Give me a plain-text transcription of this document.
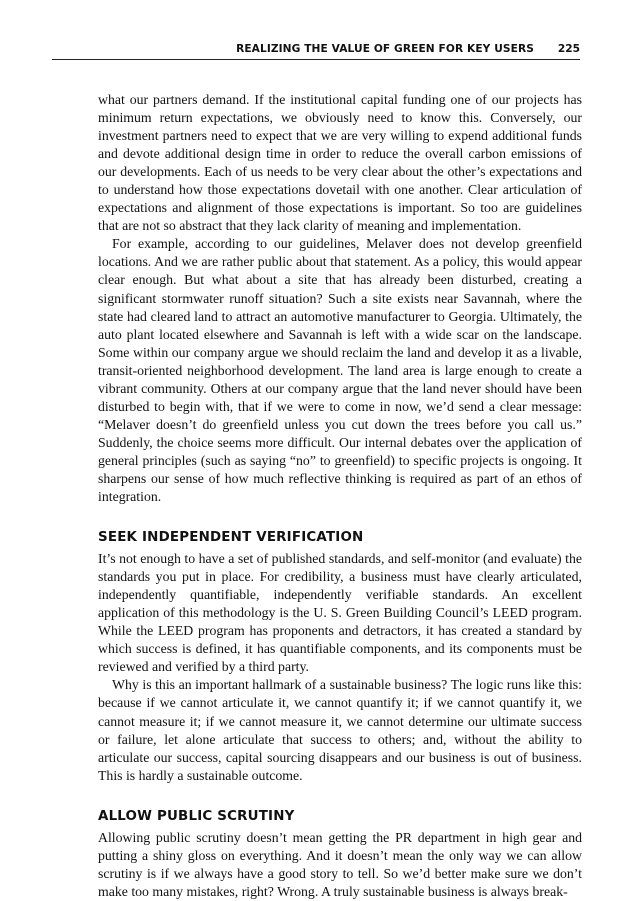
REALIZING THE VALUE OF GREEN FOR KEY USERS 225

what our partners demand. If the institutional capital funding one of our projects has minimum return expectations, we obviously need to know this. Conversely, our investment partners need to expect that we are very willing to expend additional funds and devote additional design time in order to reduce the overall carbon emissions of our developments. Each of us needs to be very clear about the other’s expectations and to understand how those expectations dovetail with one another. Clear articulation of expectations and alignment of those expectations is important. So too are guidelines that are not so abstract that they lack clarity of meaning and implementation.

For example, according to our guidelines, Melaver does not develop greenfield locations. And we are rather public about that statement. As a policy, this would appear clear enough. But what about a site that has already been disturbed, creating a significant stormwater runoff situation? Such a site exists near Savannah, where the state had cleared land to attract an automotive manufacturer to Georgia. Ultimately, the auto plant located elsewhere and Savannah is left with a wide scar on the landscape. Some within our company argue we should reclaim the land and develop it as a livable, transit-oriented neighborhood development. The land area is large enough to create a vibrant community. Others at our company argue that the land never should have been disturbed to begin with, that if we were to come in now, we’d send a clear message: “Melaver doesn’t do greenfield unless you cut down the trees before you call us.” Suddenly, the choice seems more difficult. Our internal debates over the application of general principles (such as saying “no” to greenfield) to specific projects is ongoing. It sharpens our sense of how much reflective thinking is required as part of an ethos of integration.

SEEK INDEPENDENT VERIFICATION

It’s not enough to have a set of published standards, and self-monitor (and evaluate) the standards you put in place. For credibility, a business must have clearly articulated, independently quantifiable, independently verifiable standards. An excellent application of this methodology is the U. S. Green Building Council’s LEED program. While the LEED program has proponents and detractors, it has created a standard by which success is defined, it has quantifiable components, and its components must be reviewed and verified by a third party.

Why is this an important hallmark of a sustainable business? The logic runs like this: because if we cannot articulate it, we cannot quantify it; if we cannot quantify it, we cannot measure it; if we cannot measure it, we cannot determine our ultimate success or failure, let alone articulate that success to others; and, without the ability to articulate our success, capital sourcing disappears and our business is out of business. This is hardly a sustainable outcome.

ALLOW PUBLIC SCRUTINY

Allowing public scrutiny doesn’t mean getting the PR department in high gear and putting a shiny gloss on everything. And it doesn’t mean the only way we can allow scrutiny is if we always have a good story to tell. So we’d better make sure we don’t make too many mistakes, right? Wrong. A truly sustainable business is always break-
